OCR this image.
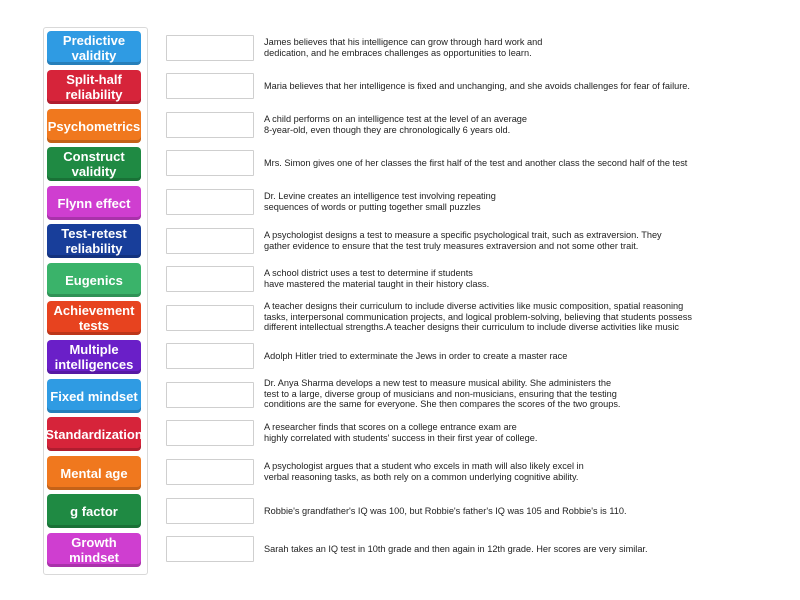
Predictive validity
Split-half reliability
Psychometrics
Construct validity
Flynn effect
Test-retest reliability
Eugenics
Achievement tests
Multiple intelligences
Fixed mindset
Standardization
Mental age
g factor
Growth mindset
James believes that his intelligence can grow through hard work and
dedication, and he embraces challenges as opportunities to learn.
Maria believes that her intelligence is fixed and unchanging, and she avoids challenges for fear of failure.
A child performs on an intelligence test at the level of an average
8-year-old, even though they are chronologically 6 years old.
Mrs. Simon gives one of her classes the first half of the test and another class the second half of the test
Dr. Levine creates an intelligence test involving repeating
sequences of words or putting together small puzzles
A psychologist designs a test to measure a specific psychological trait, such as extraversion. They
gather evidence to ensure that the test truly measures extraversion and not some other trait.
A school district uses a test to determine if students
have mastered the material taught in their history class.
A teacher designs their curriculum to include diverse activities like music composition, spatial reasoning
tasks, interpersonal communication projects, and logical problem-solving, believing that students possess
different intellectual strengths.A teacher designs their curriculum to include diverse activities like music
Adolph Hitler tried to exterminate the Jews in order to create a master race
Dr. Anya Sharma develops a new test to measure musical ability. She administers the
test to a large, diverse group of musicians and non-musicians, ensuring that the testing
conditions are the same for everyone. She then compares the scores of the two groups.
A researcher finds that scores on a college entrance exam are
highly correlated with students' success in their first year of college.
A psychologist argues that a student who excels in math will also likely excel in
verbal reasoning tasks, as both rely on a common underlying cognitive ability.
Robbie's grandfather's IQ was 100, but Robbie's father's IQ was 105 and Robbie's is 110.
Sarah takes an IQ test in 10th grade and then again in 12th grade. Her scores are very similar.
